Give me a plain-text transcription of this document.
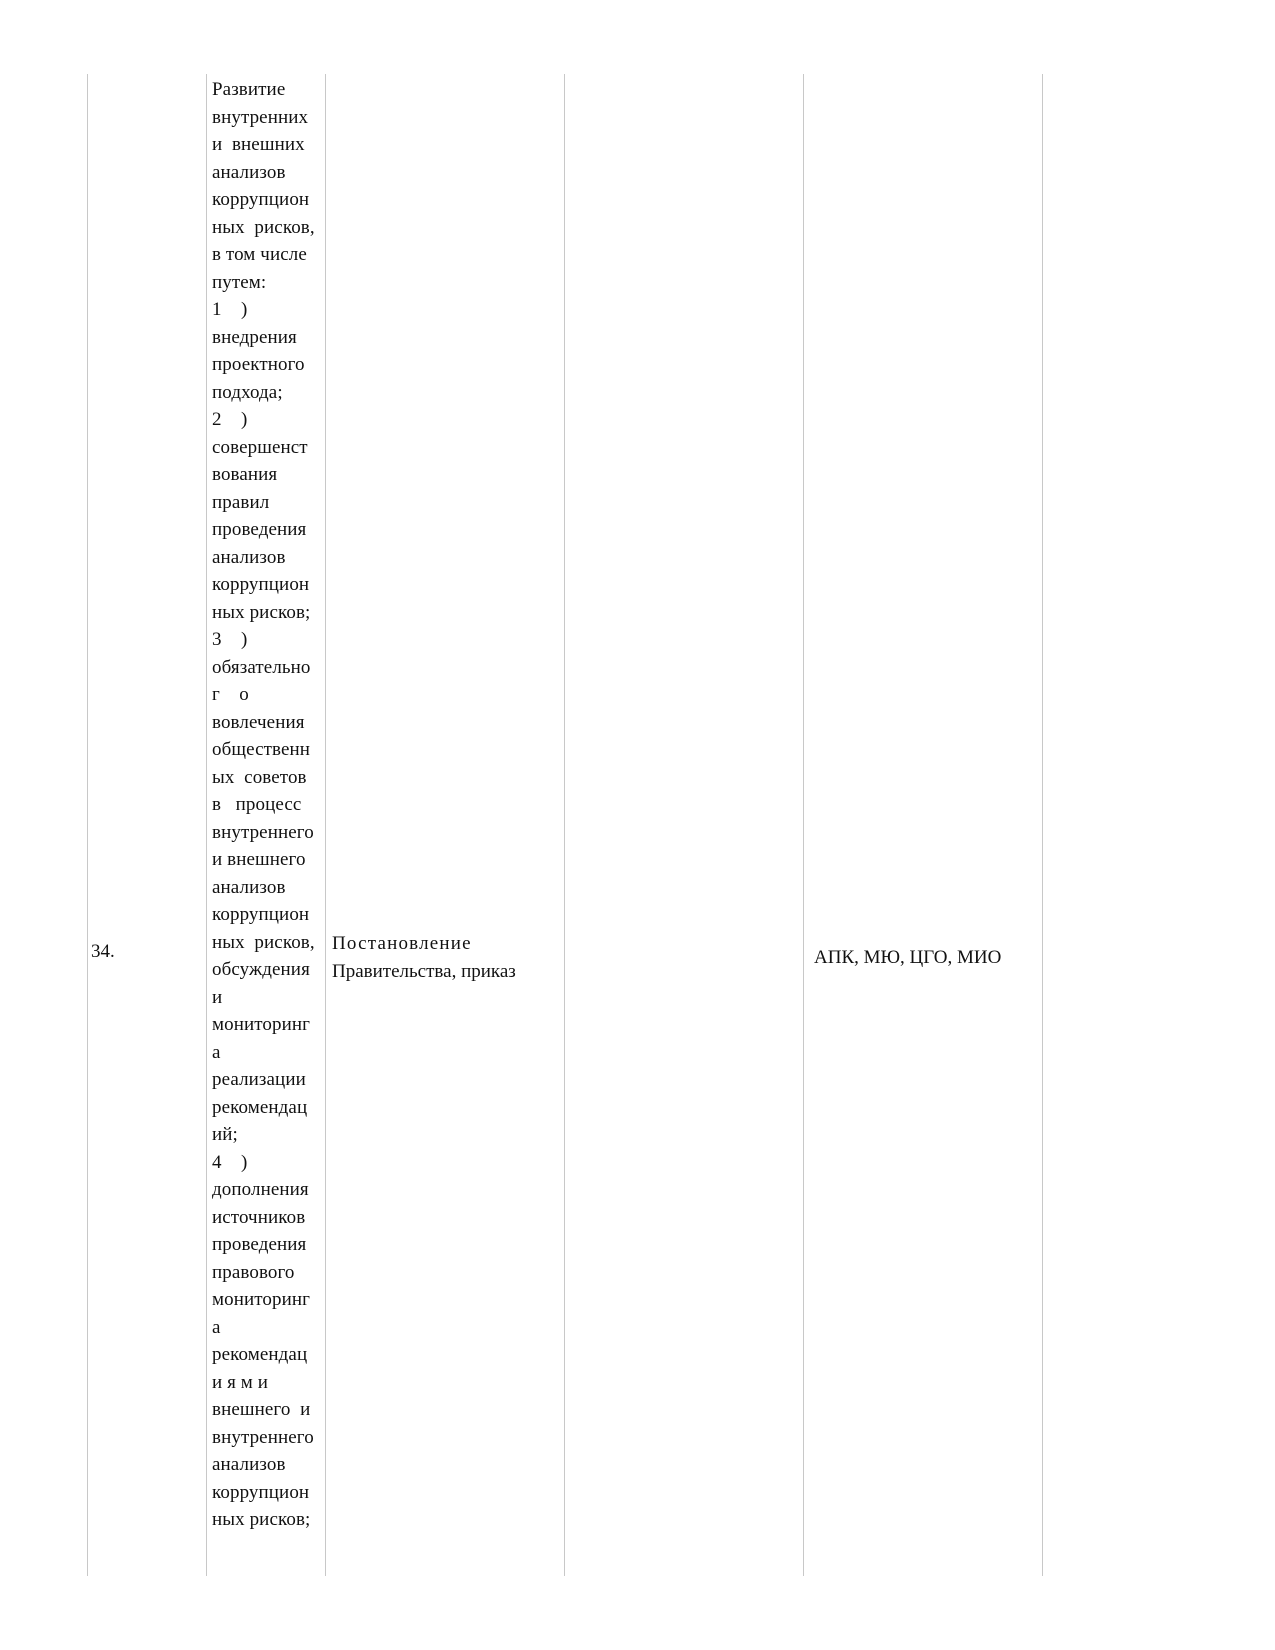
34.
Развитие
внутренних
и  внешних
анализов
коррупцион
ных  рисков,
в том числе
путем:
1    )
внедрения
проектного
подхода;
2    )
совершенст
вования
правил
проведения
анализов
коррупцион
ных рисков;
3    )
обязательно
г    о
вовлечения
общественн
ых  советов
в   процесс
внутреннего
и внешнего
анализов
коррупцион
ных  рисков,
обсуждения
и
мониторинг
а
реализации
рекомендац
ий;
4    )
дополнения
источников
проведения
правового
мониторинг
а
рекомендац
и я м и
внешнего  и
внутреннего
анализов
коррупцион
ных рисков;
Постановление
Правительства, приказ
АПК, МЮ, ЦГО, МИО
